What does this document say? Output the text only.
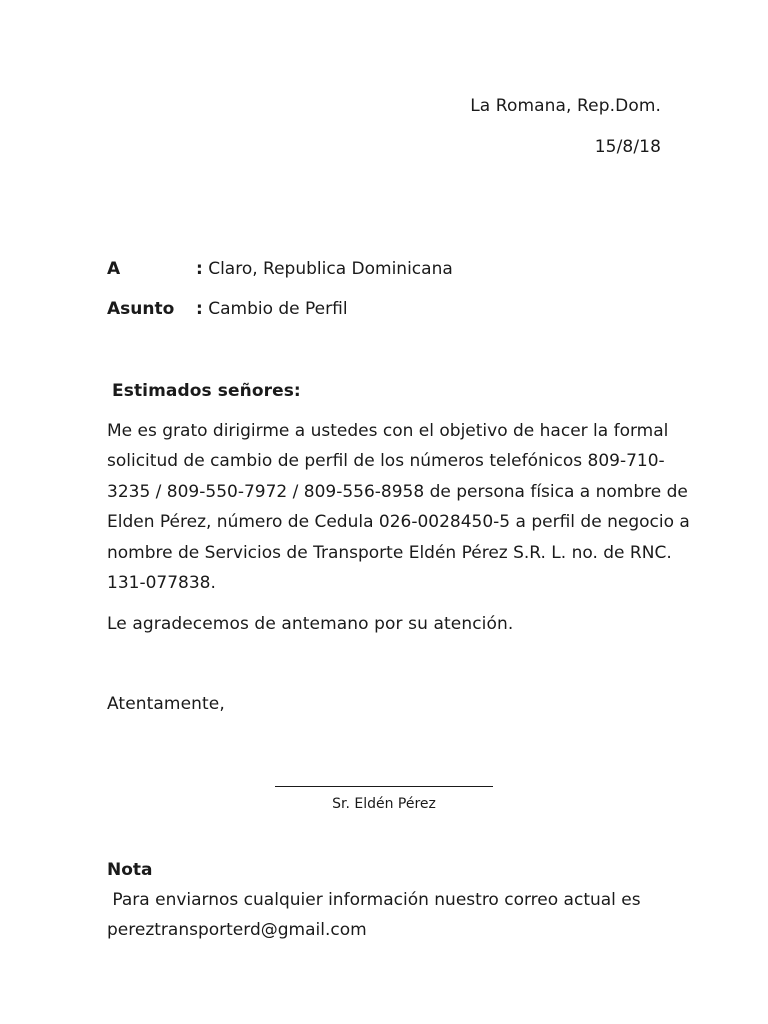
La Romana, Rep.Dom.
15/8/18
A	: Claro, Republica Dominicana
Asunto : Cambio de Perfil
Estimados señores:
Me es grato dirigirme a ustedes con el objetivo de hacer la formal
solicitud de cambio de perfil de los números telefónicos 809-710-
3235 / 809-550-7972 / 809-556-8958 de persona física a nombre de
Elden Pérez, número de Cedula 026-0028450-5 a perfil de negocio a
nombre de Servicios de Transporte Eldén Pérez S.R. L. no. de RNC.
131-077838.
Le agradecemos de antemano por su atención.
Atentamente,
Sr. Eldén Pérez
Nota Para enviarnos cualquier información nuestro correo actual es
pereztransporterd@gmail.com
